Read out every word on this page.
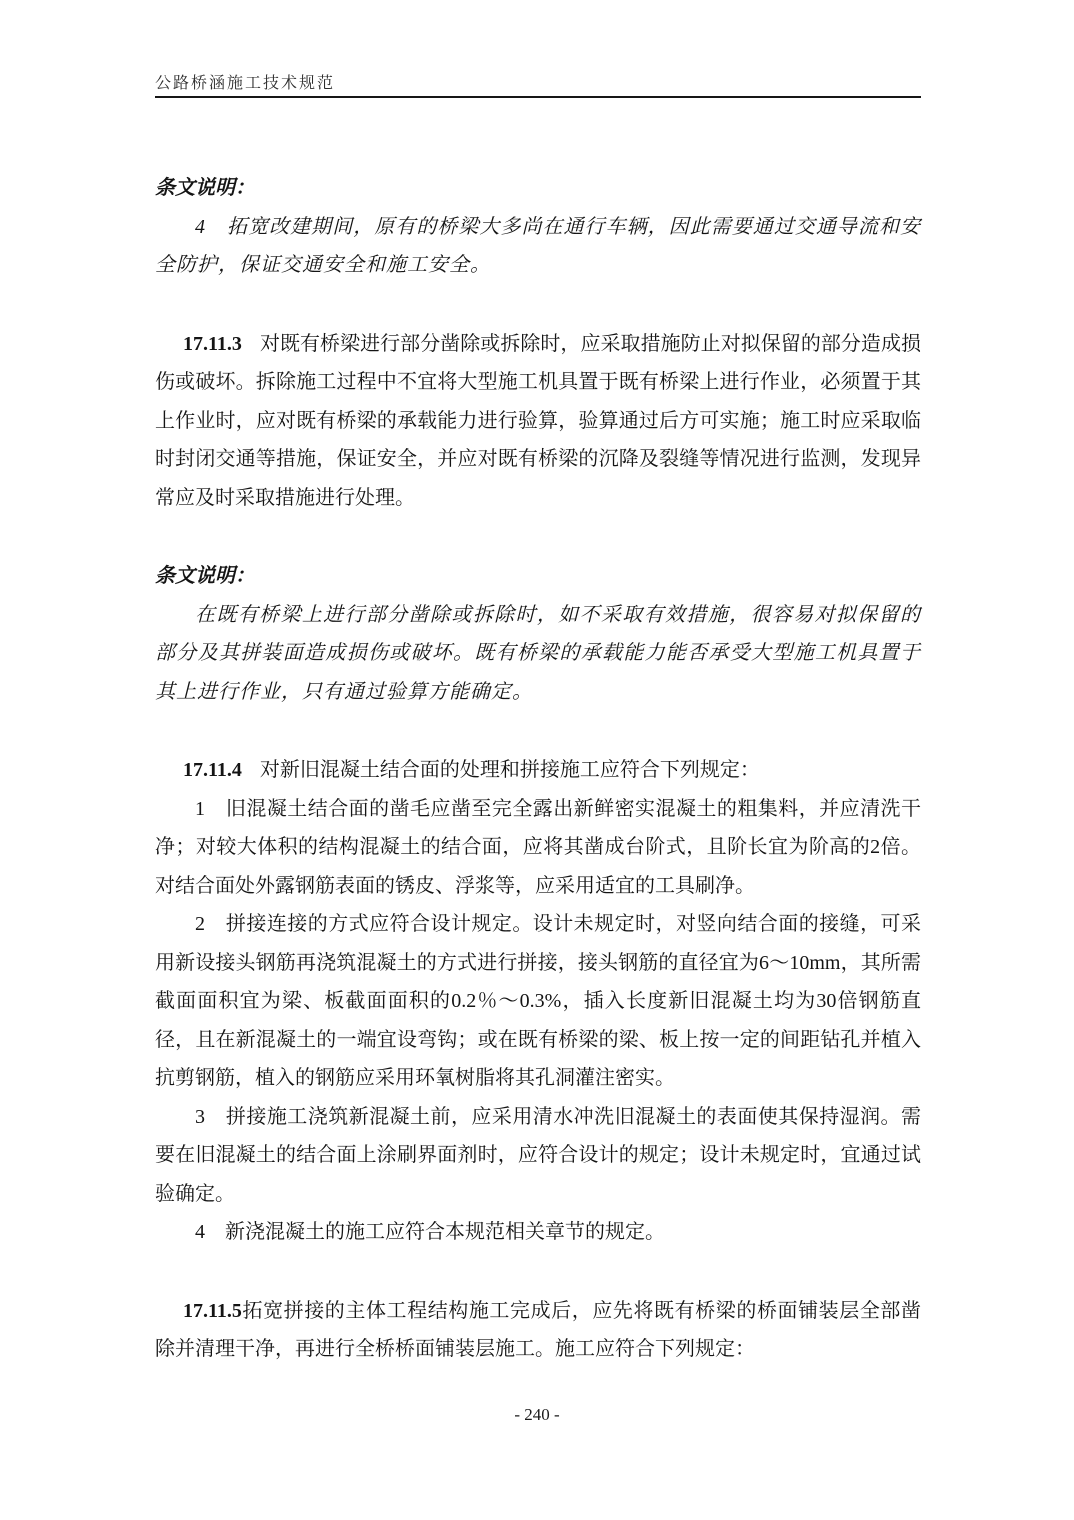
公路桥涵施工技术规范

条文说明：

4　拓宽改建期间，原有的桥梁大多尚在通行车辆，因此需要通过交通导流和安全防护，保证交通安全和施工安全。

17.11.3 对既有桥梁进行部分凿除或拆除时，应采取措施防止对拟保留的部分造成损伤或破坏。拆除施工过程中不宜将大型施工机具置于既有桥梁上进行作业，必须置于其上作业时，应对既有桥梁的承载能力进行验算，验算通过后方可实施；施工时应采取临时封闭交通等措施，保证安全，并应对既有桥梁的沉降及裂缝等情况进行监测，发现异常应及时采取措施进行处理。

条文说明：

在既有桥梁上进行部分凿除或拆除时，如不采取有效措施，很容易对拟保留的部分及其拼装面造成损伤或破坏。既有桥梁的承载能力能否承受大型施工机具置于其上进行作业，只有通过验算方能确定。

17.11.4 对新旧混凝土结合面的处理和拼接施工应符合下列规定：

1　旧混凝土结合面的凿毛应凿至完全露出新鲜密实混凝土的粗集料，并应清洗干净；对较大体积的结构混凝土的结合面，应将其凿成台阶式，且阶长宜为阶高的2倍。对结合面处外露钢筋表面的锈皮、浮浆等，应采用适宜的工具刷净。

2　拼接连接的方式应符合设计规定。设计未规定时，对竖向结合面的接缝，可采用新设接头钢筋再浇筑混凝土的方式进行拼接，接头钢筋的直径宜为6～10mm，其所需截面面积宜为梁、板截面面积的0.2％～0.3%，插入长度新旧混凝土均为30倍钢筋直径，且在新混凝土的一端宜设弯钩；或在既有桥梁的梁、板上按一定的间距钻孔并植入抗剪钢筋，植入的钢筋应采用环氧树脂将其孔洞灌注密实。

3　拼接施工浇筑新混凝土前，应采用清水冲洗旧混凝土的表面使其保持湿润。需要在旧混凝土的结合面上涂刷界面剂时，应符合设计的规定；设计未规定时，宜通过试验确定。

4　新浇混凝土的施工应符合本规范相关章节的规定。

17.11.5拓宽拼接的主体工程结构施工完成后，应先将既有桥梁的桥面铺装层全部凿除并清理干净，再进行全桥桥面铺装层施工。施工应符合下列规定：

- 240 -
